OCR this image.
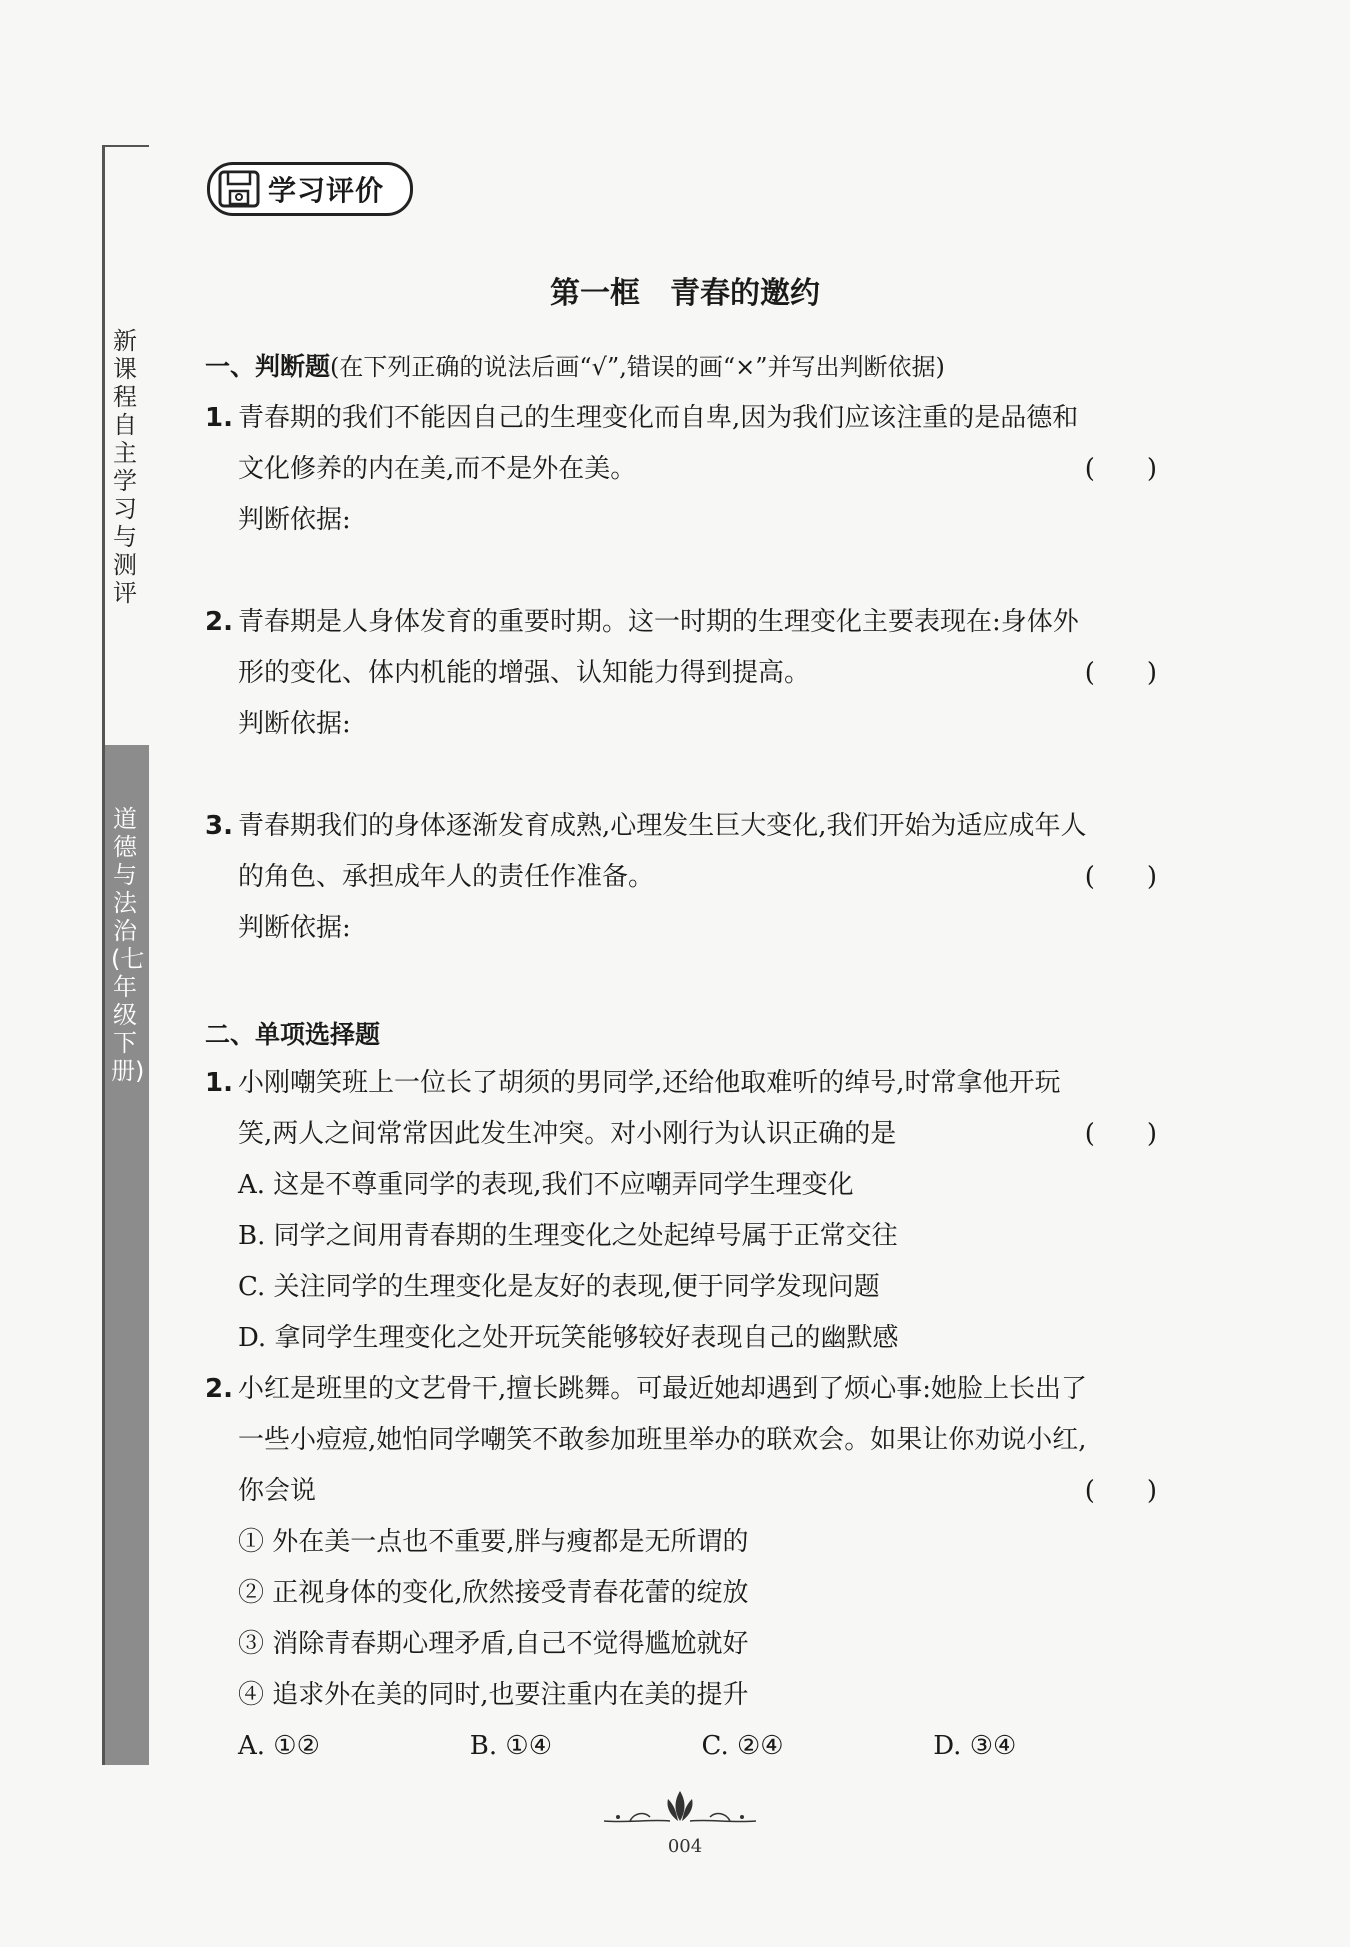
新课程自主学习与测评
道德与法治(七年级下册)
学习评价
第一框　青春的邀约
一、判断题(在下列正确的说法后画“√”,错误的画“×”并写出判断依据)
1. 青春期的我们不能因自己的生理变化而自卑,因为我们应该注重的是品德和
文化修养的内在美,而不是外在美。	(　　)
判断依据:
2. 青春期是人身体发育的重要时期。这一时期的生理变化主要表现在:身体外
形的变化、体内机能的增强、认知能力得到提高。	(　　)
判断依据:
3. 青春期我们的身体逐渐发育成熟,心理发生巨大变化,我们开始为适应成年人
的角色、承担成年人的责任作准备。	(　　)
判断依据:
二、单项选择题
1. 小刚嘲笑班上一位长了胡须的男同学,还给他取难听的绰号,时常拿他开玩
笑,两人之间常常因此发生冲突。对小刚行为认识正确的是	(　　)
A. 这是不尊重同学的表现,我们不应嘲弄同学生理变化
B. 同学之间用青春期的生理变化之处起绰号属于正常交往
C. 关注同学的生理变化是友好的表现,便于同学发现问题
D. 拿同学生理变化之处开玩笑能够较好表现自己的幽默感
2. 小红是班里的文艺骨干,擅长跳舞。可最近她却遇到了烦心事:她脸上长出了
一些小痘痘,她怕同学嘲笑不敢参加班里举办的联欢会。如果让你劝说小红,
你会说	(　　)
① 外在美一点也不重要,胖与瘦都是无所谓的
② 正视身体的变化,欣然接受青春花蕾的绽放
③ 消除青春期心理矛盾,自己不觉得尴尬就好
④ 追求外在美的同时,也要注重内在美的提升
A. ①②	B. ①④	C. ②④	D. ③④
004
